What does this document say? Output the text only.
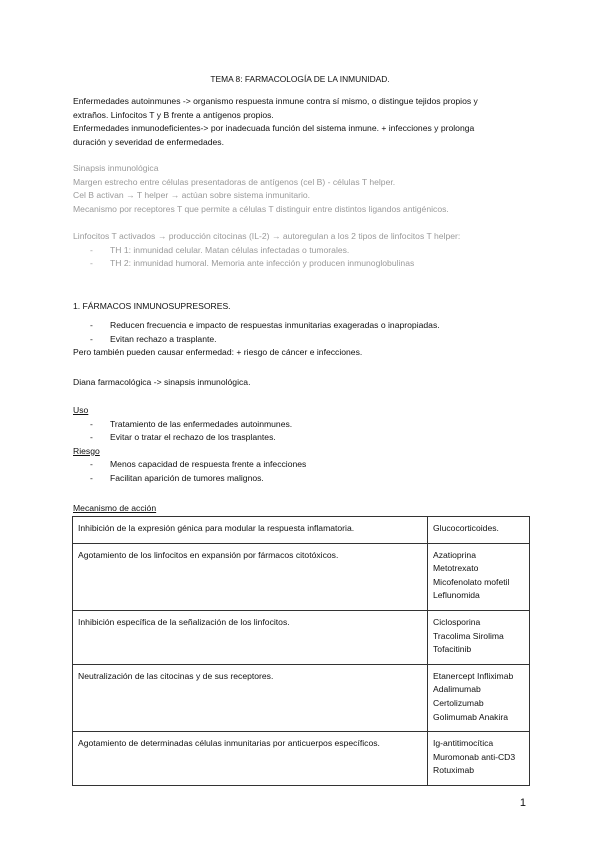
TEMA 8: FARMACOLOGÍA DE LA INMUNIDAD.

Enfermedades autoinmunes -> organismo respuesta inmune contra sí mismo, o distingue tejidos propios y

extraños. Linfocitos T y B frente a antígenos propios.

Enfermedades inmunodeficientes-> por inadecuada función del sistema inmune. + infecciones y prolonga

duración y severidad de enfermedades.

Sinapsis inmunológica

Margen estrecho entre células presentadoras de antígenos (cel B) - células T helper.

Cel B activan → T helper → actúan sobre sistema inmunitario.

Mecanismo por receptores T que permite a células T distinguir entre distintos ligandos antigénicos.

Linfocitos T activados → producción citocinas (IL-2) → autoregulan a los 2 tipos de linfocitos T helper:

- TH 1: inmunidad celular. Matan células infectadas o tumorales.
- TH 2: inmunidad humoral. Memoria ante infección y producen inmunoglobulinas

1. FÁRMACOS INMUNOSUPRESORES.

- Reducen frecuencia e impacto de respuestas inmunitarias exageradas o inapropiadas.
- Evitan rechazo a trasplante.

Pero también pueden causar enfermedad: + riesgo de cáncer e infecciones.

Diana farmacológica -> sinapsis inmunológica.

Uso

- Tratamiento de las enfermedades autoinmunes.
- Evitar o tratar el rechazo de los trasplantes.

Riesgo

- Menos capacidad de respuesta frente a infecciones
- Facilitan aparición de tumores malignos.

Mecanismo de acción

Inhibición de la expresión génica para modular la respuesta inflamatoria.	Glucocorticoides.

Agotamiento de los linfocitos en expansión por fármacos citotóxicos.	Azatioprina
Metotrexato
Micofenolato mofetil
Leflunomida

Inhibición específica de la señalización de los linfocitos.	Ciclosporina
Tracolima Sirolima
Tofacitinib

Neutralización de las citocinas y de sus receptores.	Etanercept Infliximab
Adalimumab
Certolizumab
Golimumab Anakira

Agotamiento de determinadas células inmunitarias por anticuerpos específicos.	Ig-antitimocítica
Muromonab anti-CD3
Rotuximab
1
